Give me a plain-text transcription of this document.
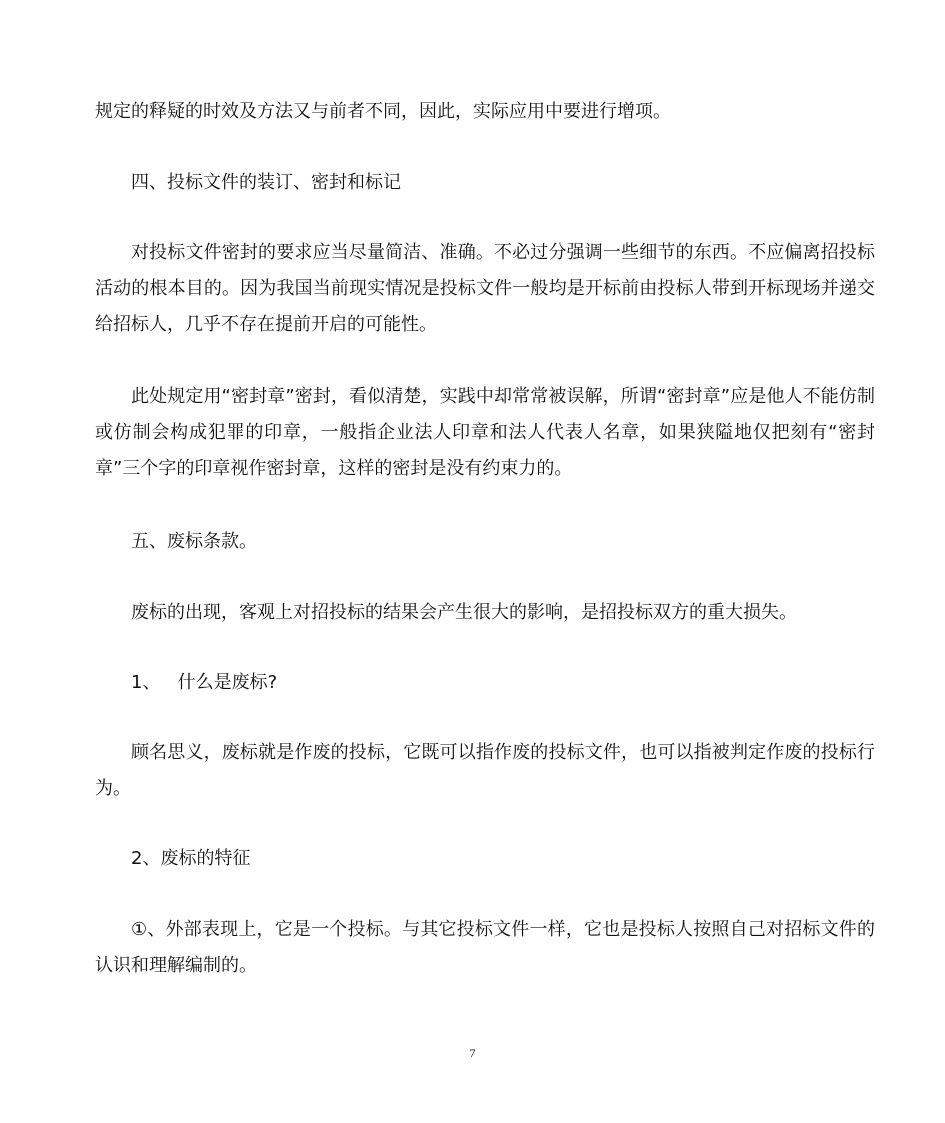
规定的释疑的时效及方法又与前者不同，因此，实际应用中要进行增项。

四、投标文件的装订、密封和标记

对投标文件密封的要求应当尽量简洁、准确。不必过分强调一些细节的东西。不应偏离招投标活动的根本目的。因为我国当前现实情况是投标文件一般均是开标前由投标人带到开标现场并递交给招标人，几乎不存在提前开启的可能性。

此处规定用“密封章”密封，看似清楚，实践中却常常被误解，所谓“密封章”应是他人不能仿制或仿制会构成犯罪的印章，一般指企业法人印章和法人代表人名章，如果狭隘地仅把刻有“密封章”三个字的印章视作密封章，这样的密封是没有约束力的。

五、废标条款。

废标的出现，客观上对招投标的结果会产生很大的影响，是招投标双方的重大损失。

1、   什么是废标?

顾名思义，废标就是作废的投标，它既可以指作废的投标文件，也可以指被判定作废的投标行为。

2、废标的特征

①、外部表现上，它是一个投标。与其它投标文件一样，它也是投标人按照自己对招标文件的认识和理解编制的。

7
